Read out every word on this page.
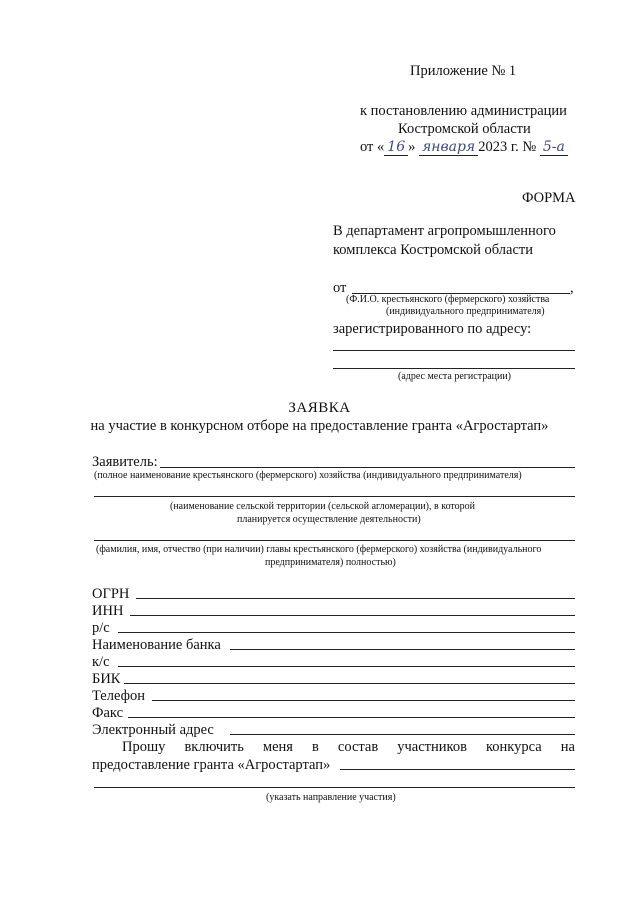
Приложение № 1
к постановлению администрации
Костромской области
от « 16 » января 2023 г. № 5-а
ФОРМА
В департамент агропромышленного
комплекса Костромской области
от	,
(Ф.И.О. крестьянского (фермерского) хозяйства
(индивидуального предпринимателя)
зарегистрированного по адресу:
(адрес места регистрации)
ЗАЯВКА
на участие в конкурсном отборе на предоставление гранта «Агростартап»
Заявитель:
(полное наименование крестьянского (фермерского) хозяйства (индивидуального предпринимателя)
(наименование сельской территории (сельской агломерации), в которой
планируется осуществление деятельности)
(фамилия, имя, отчество (при наличии) главы крестьянского (фермерского) хозяйства (индивидуального
предпринимателя) полностью)
ОГРН
ИНН
р/с
Наименование банка
к/с
БИК
Телефон
Факс
Электронный адрес
Прошу включить меня в состав участников конкурса на
предоставление гранта «Агростартап»
(указать направление участия)
